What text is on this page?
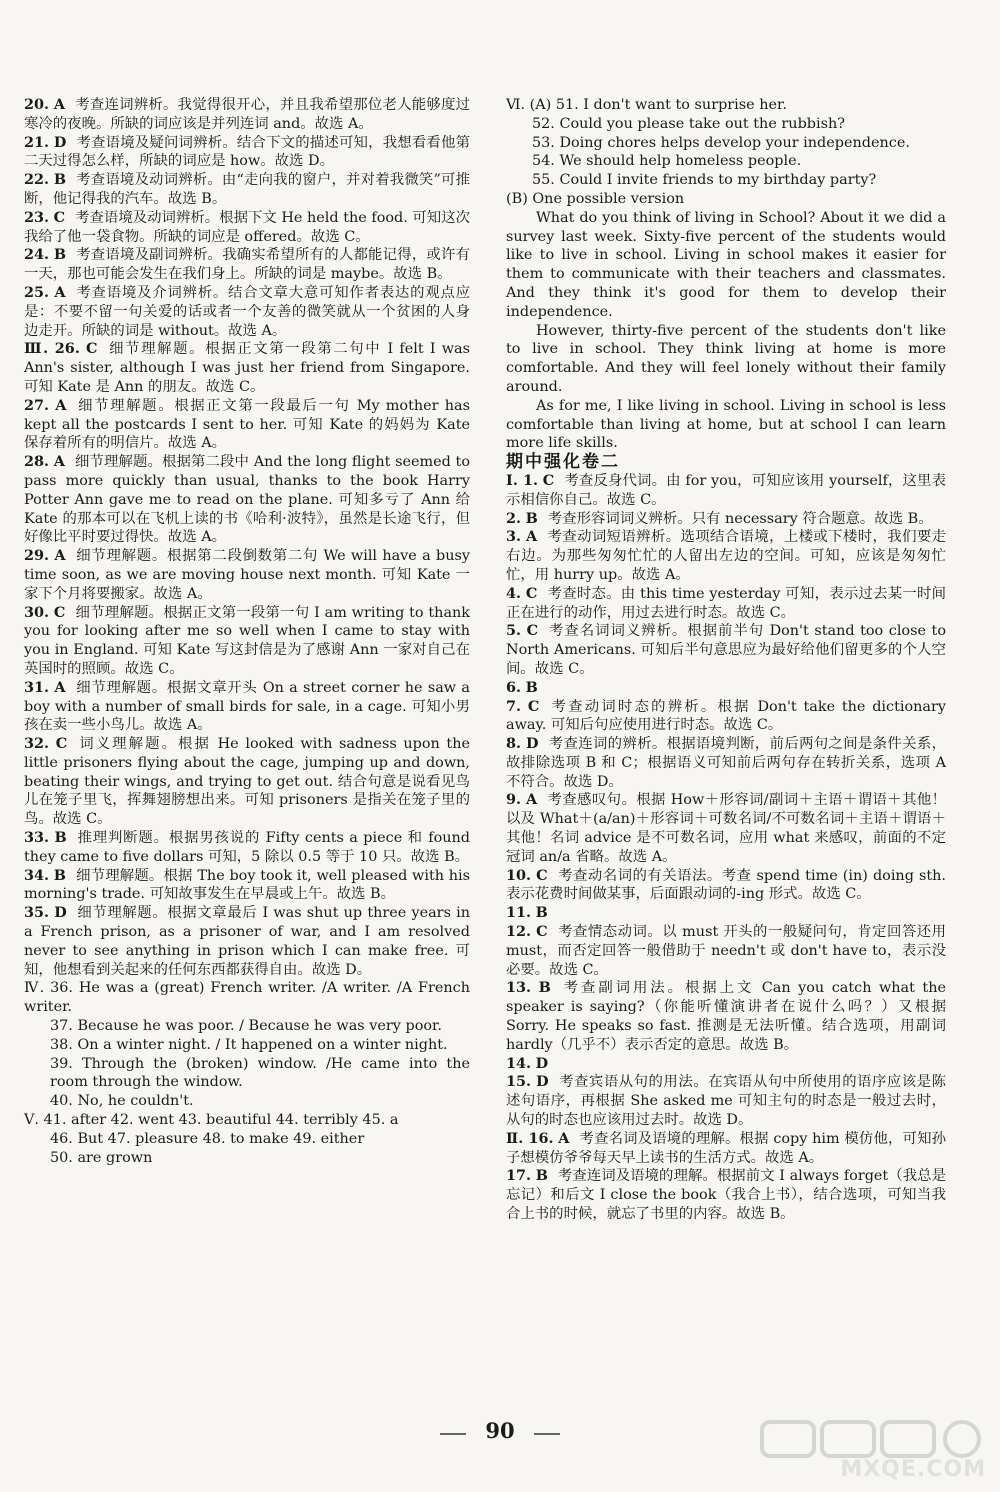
20. A 考查连词辨析。我觉得很开心，并且我希望那位老人能够度过寒冷的夜晚。所缺的词应该是并列连词 and。故选 A。

21. D 考查语境及疑问词辨析。结合下文的描述可知，我想看看他第二天过得怎么样，所缺的词应是 how。故选 D。

22. B 考查语境及动词辨析。由“走向我的窗户，并对着我微笑”可推断，他记得我的汽车。故选 B。

23. C 考查语境及动词辨析。根据下文 He held the food. 可知这次我给了他一袋食物。所缺的词应是 offered。故选 C。

24. B 考查语境及副词辨析。我确实希望所有的人都能记得，或许有一天，那也可能会发生在我们身上。所缺的词是 maybe。故选 B。

25. A 考查语境及介词辨析。结合文章大意可知作者表达的观点应是：不要不留一句关爱的话或者一个友善的微笑就从一个贫困的人身边走开。所缺的词是 without。故选 A。

Ⅲ. 26. C 细节理解题。根据正文第一段第二句中 I felt I was Ann's sister, although I was just her friend from Singapore. 可知 Kate 是 Ann 的朋友。故选 C。

27. A 细节理解题。根据正文第一段最后一句 My mother has kept all the postcards I sent to her. 可知 Kate 的妈妈为 Kate 保存着所有的明信片。故选 A。

28. A 细节理解题。根据第二段中 And the long flight seemed to pass more quickly than usual, thanks to the book Harry Potter Ann gave me to read on the plane. 可知多亏了 Ann 给 Kate 的那本可以在飞机上读的书《哈利·波特》，虽然是长途飞行，但好像比平时要过得快。故选 A。

29. A 细节理解题。根据第二段倒数第二句 We will have a busy time soon, as we are moving house next month. 可知 Kate 一家下个月将要搬家。故选 A。

30. C 细节理解题。根据正文第一段第一句 I am writing to thank you for looking after me so well when I came to stay with you in England. 可知 Kate 写这封信是为了感谢 Ann 一家对自己在英国时的照顾。故选 C。

31. A 细节理解题。根据文章开头 On a street corner he saw a boy with a number of small birds for sale, in a cage. 可知小男孩在卖一些小鸟儿。故选 A。

32. C 词义理解题。根据 He looked with sadness upon the little prisoners flying about the cage, jumping up and down, beating their wings, and trying to get out. 结合句意是说看见鸟儿在笼子里飞，挥舞翅膀想出来。可知 prisoners 是指关在笼子里的鸟。故选 C。

33. B 推理判断题。根据男孩说的 Fifty cents a piece 和 found they came to five dollars 可知，5 除以 0.5 等于 10 只。故选 B。

34. B 细节理解题。根据 The boy took it, well pleased with his morning's trade. 可知故事发生在早晨或上午。故选 B。

35. D 细节理解题。根据文章最后 I was shut up three years in a French prison, as a prisoner of war, and I am resolved never to see anything in prison which I can make free. 可知，他想看到关起来的任何东西都获得自由。故选 D。

Ⅳ. 36. He was a (great) French writer. /A writer. /A French writer.

37. Because he was poor. / Because he was very poor.

38. On a winter night. / It happened on a winter night.

39. Through the (broken) window. /He came into the room through the window.

40. No, he couldn't.

Ⅴ. 41. after 42. went 43. beautiful 44. terribly 45. a

46. But 47. pleasure 48. to make 49. either

50. are grown

Ⅵ. (A) 51. I don't want to surprise her.

52. Could you please take out the rubbish?

53. Doing chores helps develop your independence.

54. We should help homeless people.

55. Could I invite friends to my birthday party?

(B) One possible version

What do you think of living in School? About it we did a survey last week. Sixty-five percent of the students would like to live in school. Living in school makes it easier for them to communicate with their teachers and classmates. And they think it's good for them to develop their independence.

However, thirty-five percent of the students don't like to live in school. They think living at home is more comfortable. And they will feel lonely without their family around.

As for me, I like living in school. Living in school is less comfortable than living at home, but at school I can learn more life skills.

期中强化卷二

Ⅰ. 1. C 考查反身代词。由 for you，可知应该用 yourself，这里表示相信你自己。故选 C。

2. B 考查形容词词义辨析。只有 necessary 符合题意。故选 B。

3. A 考查动词短语辨析。选项结合语境，上楼或下楼时，我们要走右边。为那些匆匆忙忙的人留出左边的空间。可知，应该是匆匆忙忙，用 hurry up。故选 A。

4. C 考查时态。由 this time yesterday 可知，表示过去某一时间正在进行的动作，用过去进行时态。故选 C。

5. C 考查名词词义辨析。根据前半句 Don't stand too close to North Americans. 可知后半句意思应为最好给他们留更多的个人空间。故选 C。

6. B

7. C 考查动词时态的辨析。根据 Don't take the dictionary away. 可知后句应使用进行时态。故选 C。

8. D 考查连词的辨析。根据语境判断，前后两句之间是条件关系，故排除选项 B 和 C；根据语义可知前后两句存在转折关系，选项 A 不符合。故选 D。

9. A 考查感叹句。根据 How＋形容词/副词＋主语＋谓语＋其他！以及 What＋(a/an)＋形容词＋可数名词/不可数名词＋主语＋谓语＋其他！名词 advice 是不可数名词，应用 what 来感叹，前面的不定冠词 an/a 省略。故选 A。

10. C 考查动名词的有关语法。考查 spend time (in) doing sth. 表示花费时间做某事，后面跟动词的-ing 形式。故选 C。

11. B

12. C 考查情态动词。以 must 开头的一般疑问句，肯定回答还用 must，而否定回答一般借助于 needn't 或 don't have to，表示没必要。故选 C。

13. B 考查副词用法。根据上文 Can you catch what the speaker is saying?（你能听懂演讲者在说什么吗？）又根据 Sorry. He speaks so fast. 推测是无法听懂。结合选项，用副词 hardly（几乎不）表示否定的意思。故选 B。

14. D

15. D 考查宾语从句的用法。在宾语从句中所使用的语序应该是陈述句语序，再根据 She asked me 可知主句的时态是一般过去时，从句的时态也应该用过去时。故选 D。

Ⅱ. 16. A 考查名词及语境的理解。根据 copy him 模仿他，可知孙子想模仿爷爷每天早上读书的生活方式。故选 A。

17. B 考查连词及语境的理解。根据前文 I always forget（我总是忘记）和后文 I close the book（我合上书），结合选项，可知当我合上书的时候，就忘了书里的内容。故选 B。

90
MXQE.COM
